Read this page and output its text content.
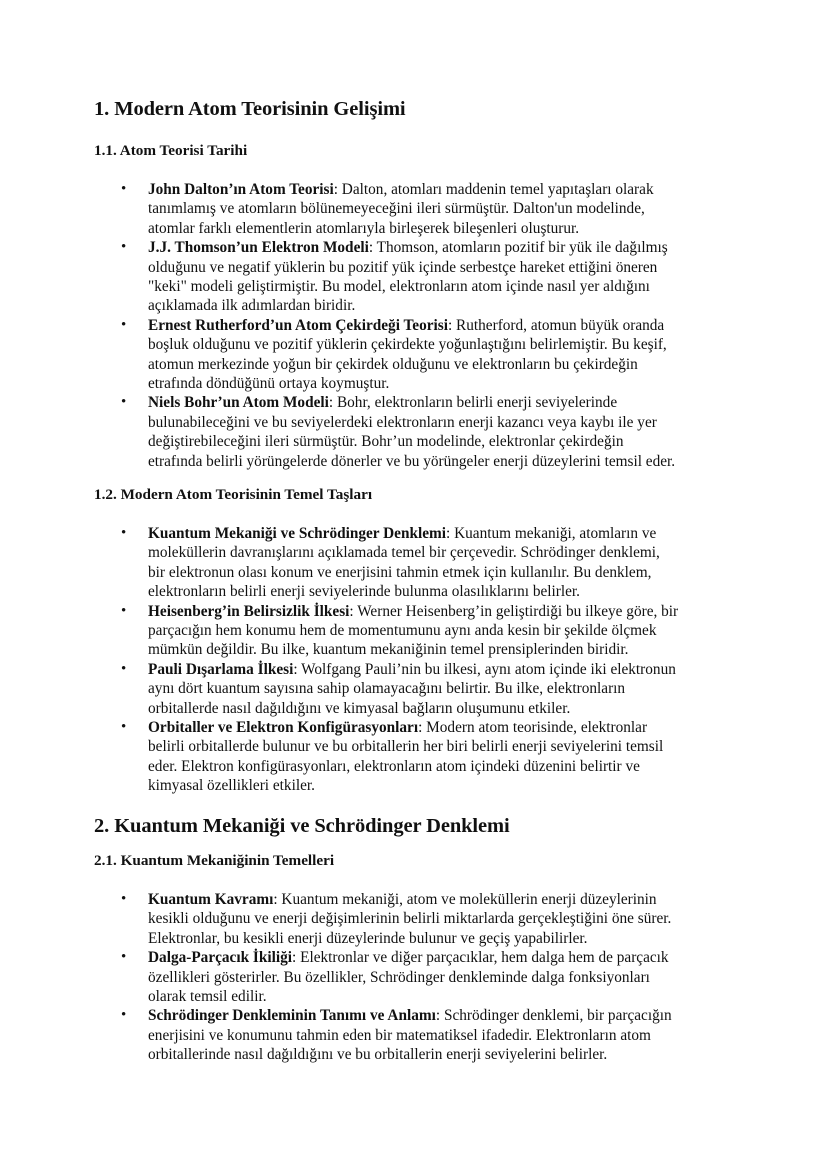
1. Modern Atom Teorisinin Gelişimi
1.1. Atom Teorisi Tarihi
• John Dalton’ın Atom Teorisi: Dalton, atomları maddenin temel yapıtaşları olarak
tanımlamış ve atomların bölünemeyeceğini ileri sürmüştür. Dalton'un modelinde,
atomlar farklı elementlerin atomlarıyla birleşerek bileşenleri oluşturur.
• J.J. Thomson’un Elektron Modeli: Thomson, atomların pozitif bir yük ile dağılmış
olduğunu ve negatif yüklerin bu pozitif yük içinde serbestçe hareket ettiğini öneren
"keki" modeli geliştirmiştir. Bu model, elektronların atom içinde nasıl yer aldığını
açıklamada ilk adımlardan biridir.
• Ernest Rutherford’un Atom Çekirdeği Teorisi: Rutherford, atomun büyük oranda
boşluk olduğunu ve pozitif yüklerin çekirdekte yoğunlaştığını belirlemiştir. Bu keşif,
atomun merkezinde yoğun bir çekirdek olduğunu ve elektronların bu çekirdeğin
etrafında döndüğünü ortaya koymuştur.
• Niels Bohr’un Atom Modeli: Bohr, elektronların belirli enerji seviyelerinde
bulunabileceğini ve bu seviyelerdeki elektronların enerji kazancı veya kaybı ile yer
değiştirebileceğini ileri sürmüştür. Bohr’un modelinde, elektronlar çekirdeğin
etrafında belirli yörüngelerde dönerler ve bu yörüngeler enerji düzeylerini temsil eder.
1.2. Modern Atom Teorisinin Temel Taşları
• Kuantum Mekaniği ve Schrödinger Denklemi: Kuantum mekaniği, atomların ve
moleküllerin davranışlarını açıklamada temel bir çerçevedir. Schrödinger denklemi,
bir elektronun olası konum ve enerjisini tahmin etmek için kullanılır. Bu denklem,
elektronların belirli enerji seviyelerinde bulunma olasılıklarını belirler.
• Heisenberg’in Belirsizlik İlkesi: Werner Heisenberg’in geliştirdiği bu ilkeye göre, bir
parçacığın hem konumu hem de momentumunu aynı anda kesin bir şekilde ölçmek
mümkün değildir. Bu ilke, kuantum mekaniğinin temel prensiplerinden biridir.
• Pauli Dışarlama İlkesi: Wolfgang Pauli’nin bu ilkesi, aynı atom içinde iki elektronun
aynı dört kuantum sayısına sahip olamayacağını belirtir. Bu ilke, elektronların
orbitallerde nasıl dağıldığını ve kimyasal bağların oluşumunu etkiler.
• Orbitaller ve Elektron Konfigürasyonları: Modern atom teorisinde, elektronlar
belirli orbitallerde bulunur ve bu orbitallerin her biri belirli enerji seviyelerini temsil
eder. Elektron konfigürasyonları, elektronların atom içindeki düzenini belirtir ve
kimyasal özellikleri etkiler.
2. Kuantum Mekaniği ve Schrödinger Denklemi
2.1. Kuantum Mekaniğinin Temelleri
• Kuantum Kavramı: Kuantum mekaniği, atom ve moleküllerin enerji düzeylerinin
kesikli olduğunu ve enerji değişimlerinin belirli miktarlarda gerçekleştiğini öne sürer.
Elektronlar, bu kesikli enerji düzeylerinde bulunur ve geçiş yapabilirler.
• Dalga-Parçacık İkiliği: Elektronlar ve diğer parçacıklar, hem dalga hem de parçacık
özellikleri gösterirler. Bu özellikler, Schrödinger denkleminde dalga fonksiyonları
olarak temsil edilir.
• Schrödinger Denkleminin Tanımı ve Anlamı: Schrödinger denklemi, bir parçacığın
enerjisini ve konumunu tahmin eden bir matematiksel ifadedir. Elektronların atom
orbitallerinde nasıl dağıldığını ve bu orbitallerin enerji seviyelerini belirler.
